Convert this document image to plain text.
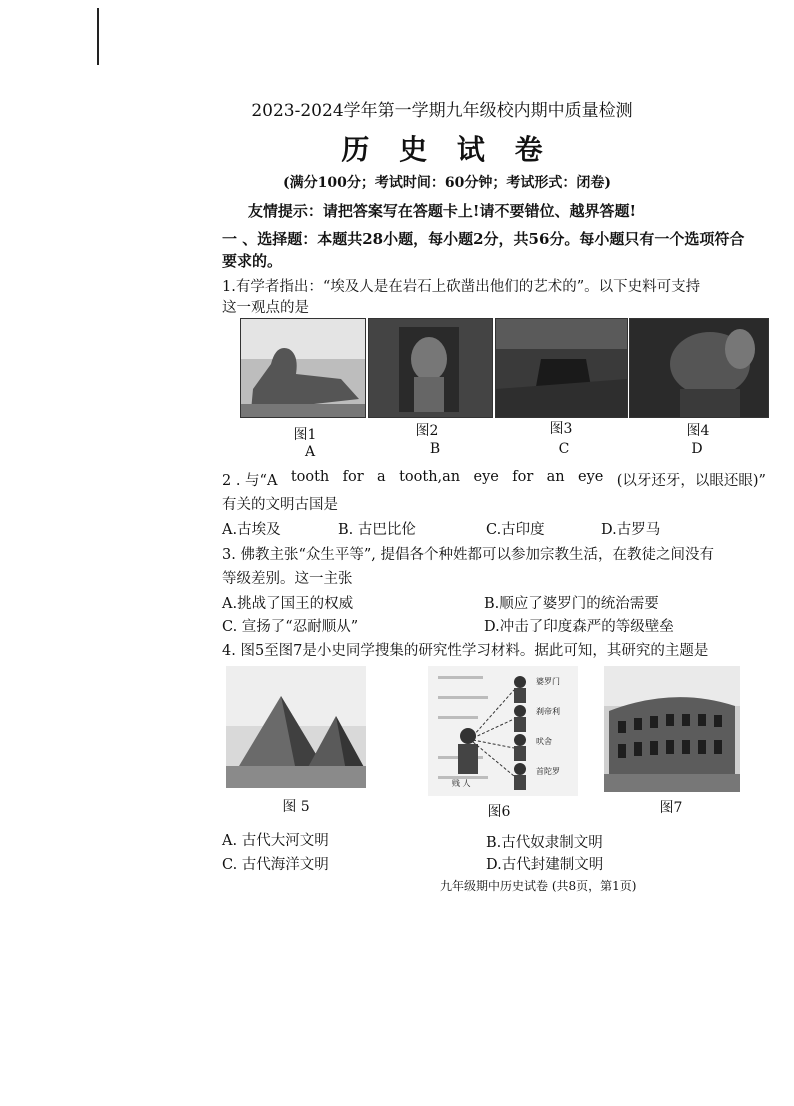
2023-2024学年第一学期九年级校内期中质量检测
历 史 试 卷
(满分100分；考试时间：60分钟；考试形式：闭卷)
友情提示：请把答案写在答题卡上!请不要错位、越界答题!
一 、选择题：本题共28小题，每小题2分，共56分。每小题只有一个选项符合
要求的。
1.有学者指出：“埃及人是在岩石上砍凿出他们的艺术的”。以下史料可支持
这一观点的是
图1
A
图2
B
图3
C
图4
D
2 . 与“A tooth for a tooth,an eye for an eye (以牙还牙，以眼还眼)”
有关的文明古国是
A.古埃及	B. 古巴比伦	C.古印度	D.古罗马
3. 佛教主张“众生平等”, 提倡各个种姓都可以参加宗教生活，在教徒之间没有
等级差别。这一主张
A.挑战了国王的权威	B.顺应了婆罗门的统治需要
C. 宣扬了“忍耐顺从”	D.冲击了印度森严的等级壁垒
4. 图5至图7是小史同学搜集的研究性学习材料。据此可知，其研究的主题是
婆罗门
刹帝利
吠舍
首陀罗
贱 人
图 5	图6	图7
A. 古代大河文明	B.古代奴隶制文明
C. 古代海洋文明	D.古代封建制文明
九年级期中历史试卷 (共8页，第1页)
